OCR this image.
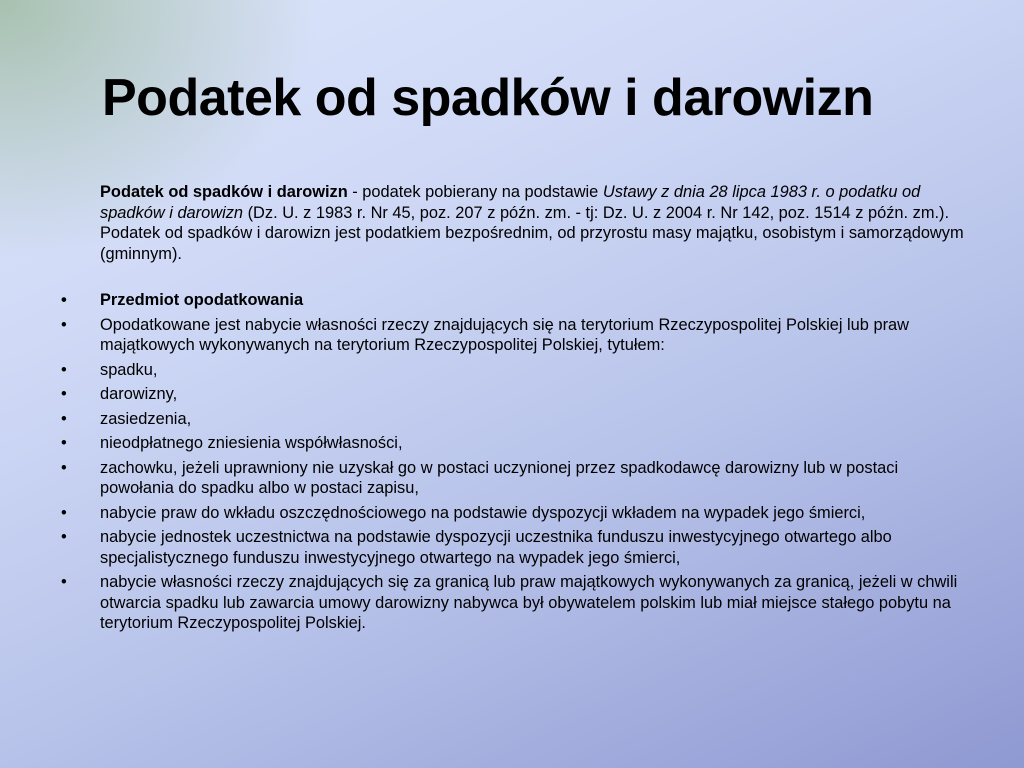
Podatek od spadków i darowizn

Podatek od spadków i darowizn - podatek pobierany na podstawie Ustawy z dnia 28 lipca 1983 r. o podatku od spadków i darowizn (Dz. U. z 1983 r. Nr 45, poz. 207 z późn. zm. - tj: Dz. U. z 2004 r. Nr 142, poz. 1514 z późn. zm.). Podatek od spadków i darowizn jest podatkiem bezpośrednim, od przyrostu masy majątku, osobistym i samorządowym (gminnym).

• Przedmiot opodatkowania
• Opodatkowane jest nabycie własności rzeczy znajdujących się na terytorium Rzeczypospolitej Polskiej lub praw majątkowych wykonywanych na terytorium Rzeczypospolitej Polskiej, tytułem:
• spadku,
• darowizny,
• zasiedzenia,
• nieodpłatnego zniesienia współwłasności,
• zachowku, jeżeli uprawniony nie uzyskał go w postaci uczynionej przez spadkodawcę darowizny lub w postaci powołania do spadku albo w postaci zapisu,
• nabycie praw do wkładu oszczędnościowego na podstawie dyspozycji wkładem na wypadek jego śmierci,
• nabycie jednostek uczestnictwa na podstawie dyspozycji uczestnika funduszu inwestycyjnego otwartego albo specjalistycznego funduszu inwestycyjnego otwartego na wypadek jego śmierci,
• nabycie własności rzeczy znajdujących się za granicą lub praw majątkowych wykonywanych za granicą, jeżeli w chwili otwarcia spadku lub zawarcia umowy darowizny nabywca był obywatelem polskim lub miał miejsce stałego pobytu na terytorium Rzeczypospolitej Polskiej.
